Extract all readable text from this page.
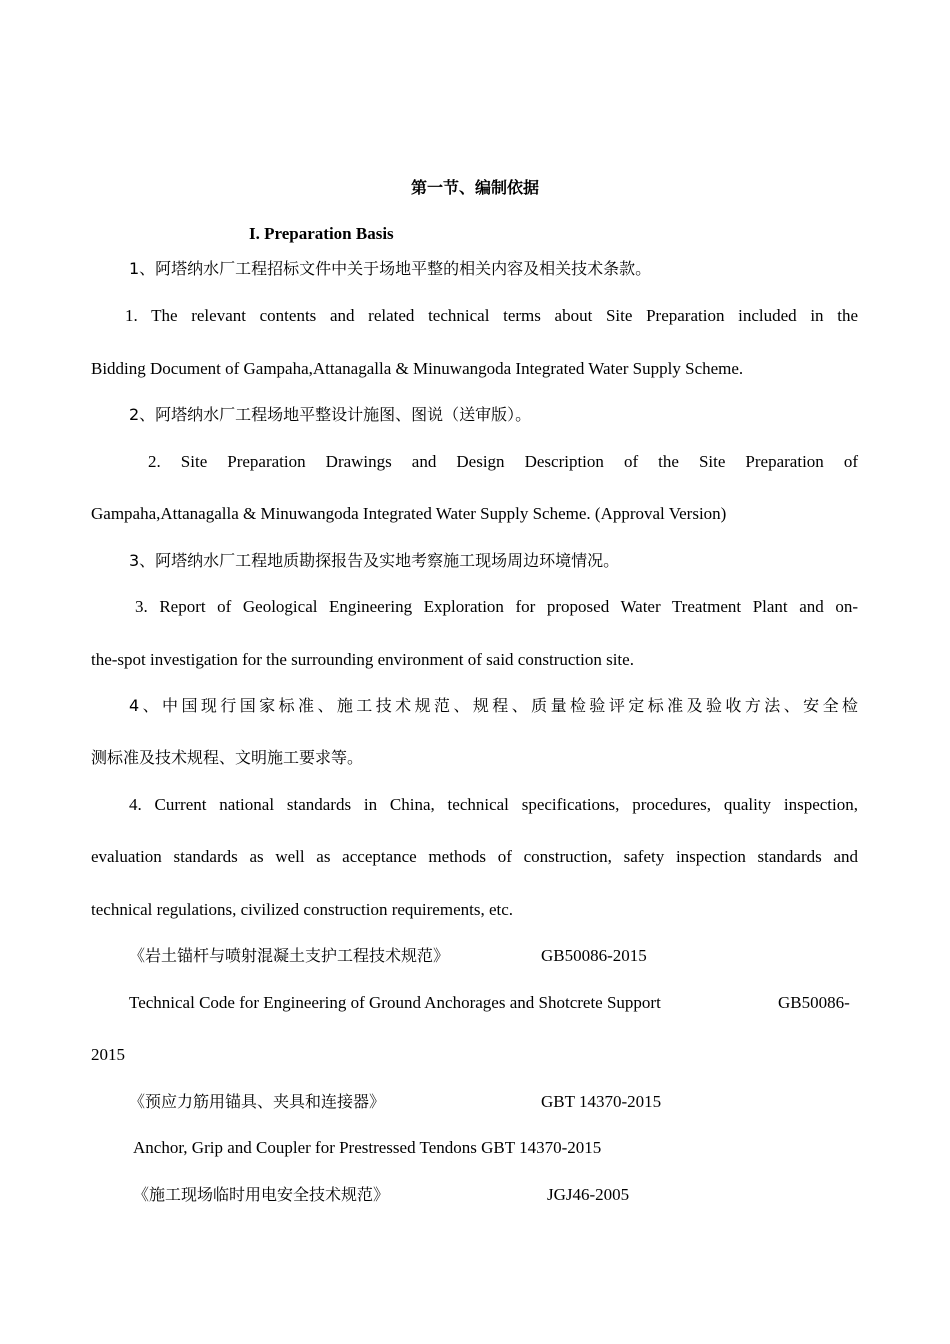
第一节、编制依据
I. Preparation Basis
1、阿塔纳水厂工程招标文件中关于场地平整的相关内容及相关技术条款。
1. The relevant contents and related technical terms about Site Preparation included in the
Bidding Document of Gampaha,Attanagalla & Minuwangoda Integrated Water Supply Scheme.
2、阿塔纳水厂工程场地平整设计施图、图说（送审版）。
2. Site Preparation Drawings and Design Description of the Site Preparation of
Gampaha,Attanagalla & Minuwangoda Integrated Water Supply Scheme. (Approval Version)
3、阿塔纳水厂工程地质勘探报告及实地考察施工现场周边环境情况。
3. Report of Geological Engineering Exploration for proposed Water Treatment Plant and on-
the-spot investigation for the surrounding environment of said construction site.
4、中国现行国家标准、施工技术规范、规程、质量检验评定标准及验收方法、安全检
测标准及技术规程、文明施工要求等。
4. Current national standards in China, technical specifications, procedures, quality inspection,
evaluation standards as well as acceptance methods of construction, safety inspection standards and
technical regulations, civilized construction requirements, etc.
《岩土锚杆与喷射混凝土支护工程技术规范》	GB50086-2015
Technical Code for Engineering of Ground Anchorages and Shotcrete Support	GB50086-
2015
《预应力筋用锚具、夹具和连接器》	GBT 14370-2015
Anchor, Grip and Coupler for Prestressed Tendons GBT 14370-2015
《施工现场临时用电安全技术规范》	JGJ46-2005
